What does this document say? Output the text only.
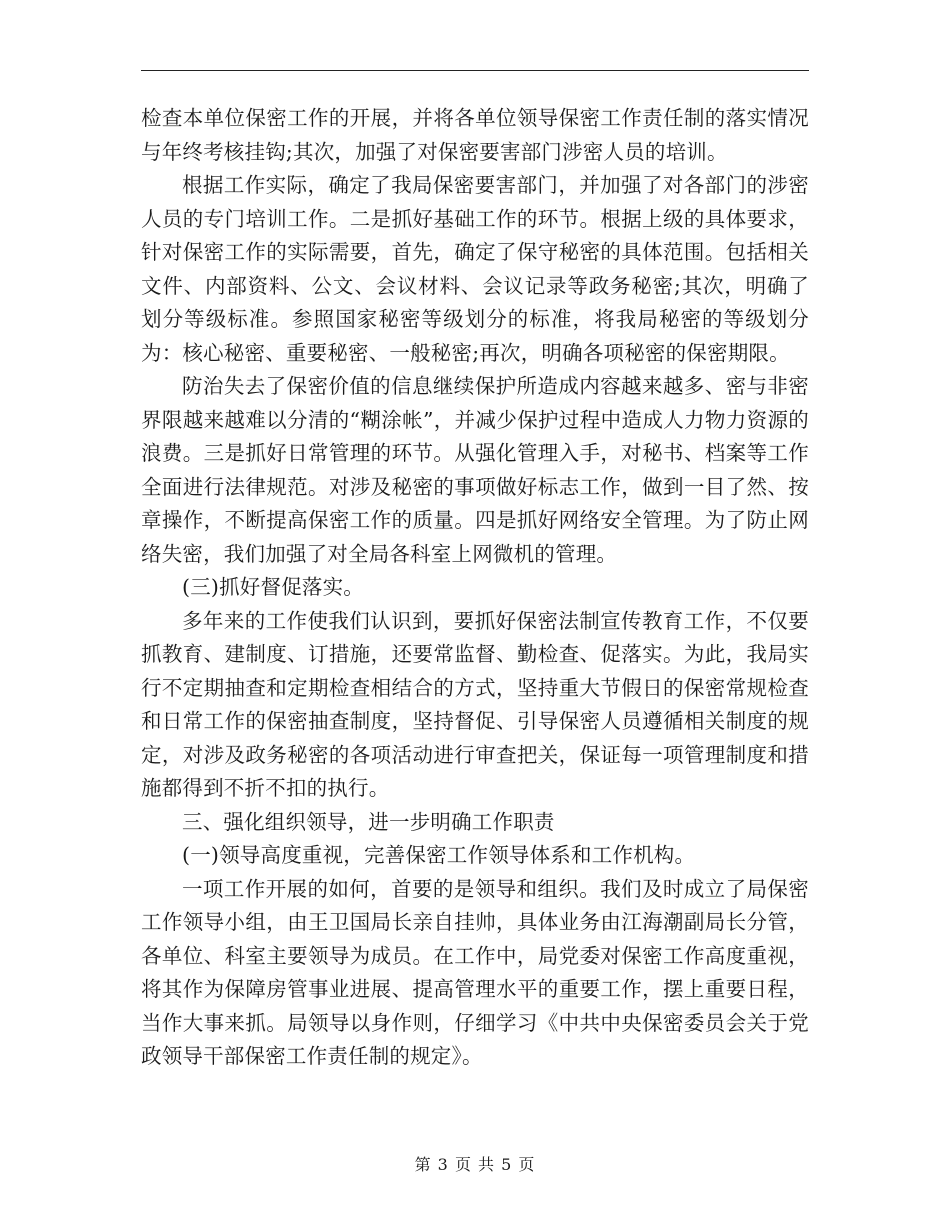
检查本单位保密工作的开展，并将各单位领导保密工作责任制的落实情况与年终考核挂钩;其次，加强了对保密要害部门涉密人员的培训。

根据工作实际，确定了我局保密要害部门，并加强了对各部门的涉密人员的专门培训工作。二是抓好基础工作的环节。根据上级的具体要求，针对保密工作的实际需要，首先，确定了保守秘密的具体范围。包括相关文件、内部资料、公文、会议材料、会议记录等政务秘密;其次，明确了划分等级标准。参照国家秘密等级划分的标准，将我局秘密的等级划分为：核心秘密、重要秘密、一般秘密;再次，明确各项秘密的保密期限。

防治失去了保密价值的信息继续保护所造成内容越来越多、密与非密界限越来越难以分清的“糊涂帐”，并减少保护过程中造成人力物力资源的浪费。三是抓好日常管理的环节。从强化管理入手，对秘书、档案等工作全面进行法律规范。对涉及秘密的事项做好标志工作，做到一目了然、按章操作，不断提高保密工作的质量。四是抓好网络安全管理。为了防止网络失密，我们加强了对全局各科室上网微机的管理。

(三)抓好督促落实。

多年来的工作使我们认识到，要抓好保密法制宣传教育工作，不仅要抓教育、建制度、订措施，还要常监督、勤检查、促落实。为此，我局实行不定期抽查和定期检查相结合的方式，坚持重大节假日的保密常规检查和日常工作的保密抽查制度，坚持督促、引导保密人员遵循相关制度的规定，对涉及政务秘密的各项活动进行审查把关，保证每一项管理制度和措施都得到不折不扣的执行。

三、强化组织领导，进一步明确工作职责

(一)领导高度重视，完善保密工作领导体系和工作机构。

一项工作开展的如何，首要的是领导和组织。我们及时成立了局保密工作领导小组，由王卫国局长亲自挂帅，具体业务由江海潮副局长分管，各单位、科室主要领导为成员。在工作中，局党委对保密工作高度重视，将其作为保障房管事业进展、提高管理水平的重要工作，摆上重要日程，当作大事来抓。局领导以身作则，仔细学习《中共中央保密委员会关于党政领导干部保密工作责任制的规定》。

第 3 页 共 5 页
